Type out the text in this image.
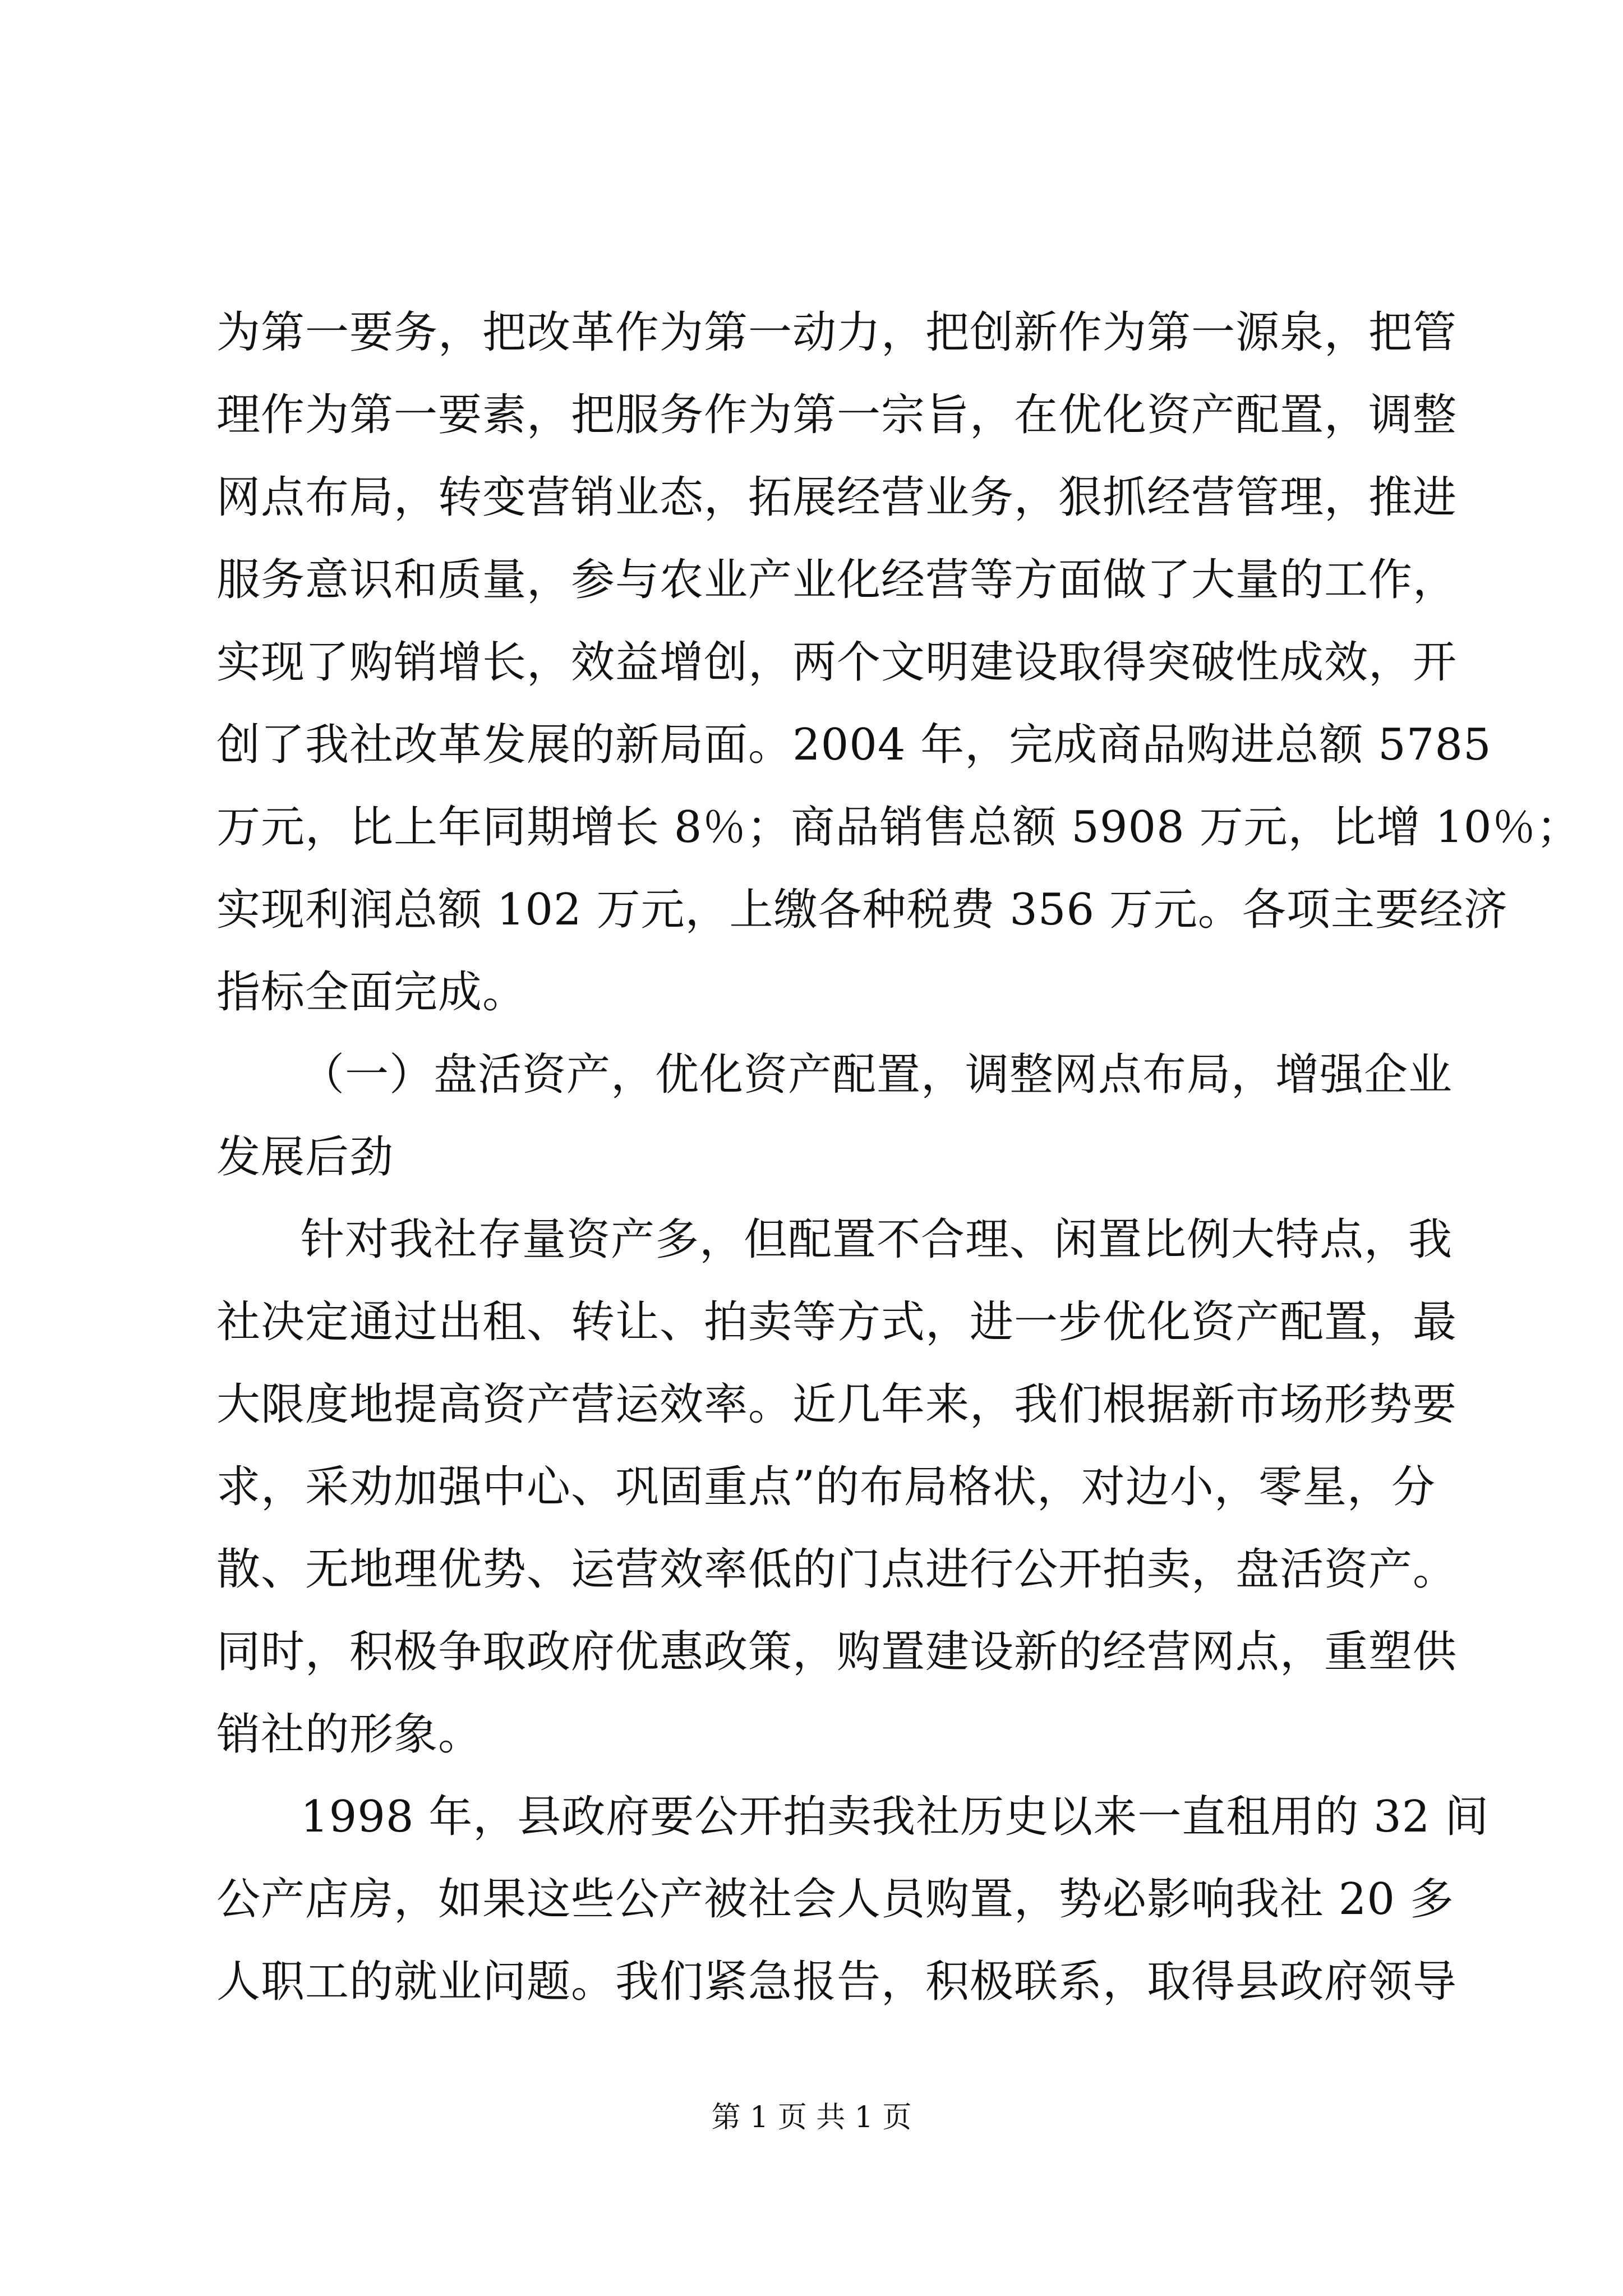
为第一要务，把改革作为第一动力，把创新作为第一源泉，把管
理作为第一要素，把服务作为第一宗旨，在优化资产配置，调整
网点布局，转变营销业态，拓展经营业务，狠抓经营管理，推进
服务意识和质量，参与农业产业化经营等方面做了大量的工作，
实现了购销增长，效益增创，两个文明建设取得突破性成效，开
创了我社改革发展的新局面。2004 年，完成商品购进总额 5785
万元，比上年同期增长 8％；商品销售总额 5908 万元，比增 10％；
实现利润总额 102 万元，上缴各种税费 356 万元。各项主要经济
指标全面完成。
（一）盘活资产，优化资产配置，调整网点布局，增强企业
发展后劲
针对我社存量资产多，但配置不合理、闲置比例大特点，我
社决定通过出租、转让、拍卖等方式，进一步优化资产配置，最
大限度地提高资产营运效率。近几年来，我们根据新市场形势要
求，采劝加强中心、巩固重点”的布局格状，对边小，零星，分
散、无地理优势、运营效率低的门点进行公开拍卖，盘活资产。
同时，积极争取政府优惠政策，购置建设新的经营网点，重塑供
销社的形象。
1998 年，县政府要公开拍卖我社历史以来一直租用的 32 间
公产店房，如果这些公产被社会人员购置，势必影响我社 20 多
人职工的就业问题。我们紧急报告，积极联系，取得县政府领导
第 1 页 共 1 页
